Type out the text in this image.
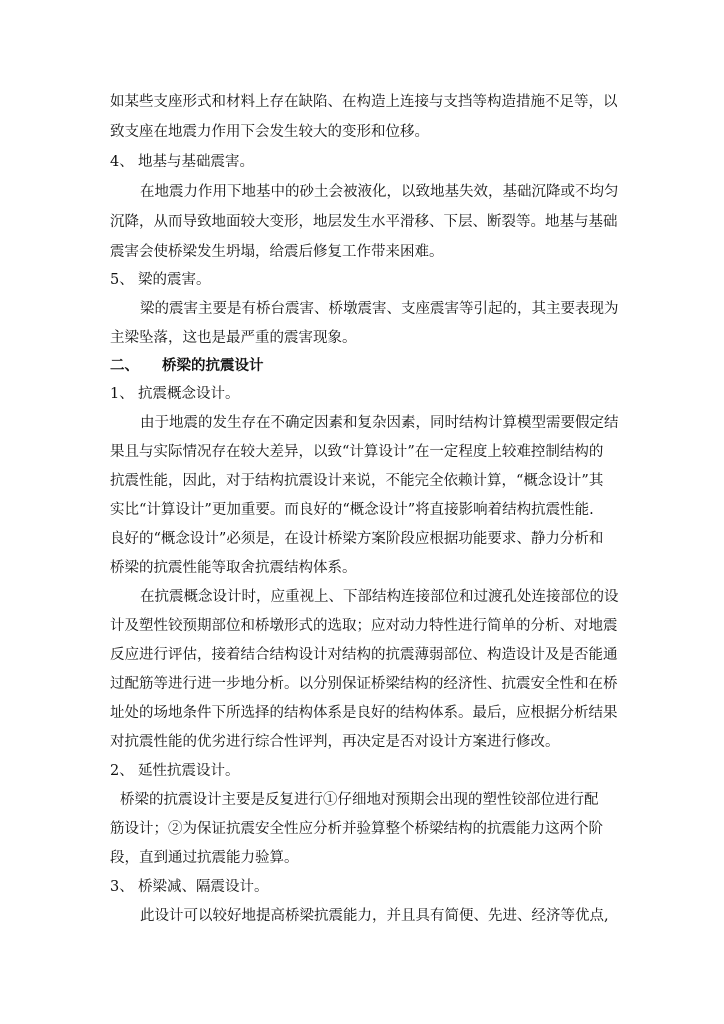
如某些支座形式和材料上存在缺陷、在构造上连接与支挡等构造措施不足等，以
致支座在地震力作用下会发生较大的变形和位移。
4、 地基与基础震害。
在地震力作用下地基中的砂土会被液化，以致地基失效，基础沉降或不均匀
沉降，从而导致地面较大变形，地层发生水平滑移、下层、断裂等。地基与基础
震害会使桥梁发生坍塌，给震后修复工作带来困难。
5、 梁的震害。
梁的震害主要是有桥台震害、桥墩震害、支座震害等引起的，其主要表现为
主梁坠落，这也是最严重的震害现象。
二、 桥梁的抗震设计
1、 抗震概念设计。
由于地震的发生存在不确定因素和复杂因素，同时结构计算模型需要假定结
果且与实际情况存在较大差异，以致“计算设计”在一定程度上较难控制结构的
抗震性能，因此，对于结构抗震设计来说，不能完全依赖计算，“概念设计”其
实比“计算设计”更加重要。而良好的“概念设计”将直接影响着结构抗震性能.
良好的“概念设计”必须是，在设计桥梁方案阶段应根据功能要求、静力分析和
桥梁的抗震性能等取舍抗震结构体系。
在抗震概念设计时，应重视上、下部结构连接部位和过渡孔处连接部位的设
计及塑性铰预期部位和桥墩形式的选取；应对动力特性进行简单的分析、对地震
反应进行评估，接着结合结构设计对结构的抗震薄弱部位、构造设计及是否能通
过配筋等进行进一步地分析。以分别保证桥梁结构的经济性、抗震安全性和在桥
址处的场地条件下所选择的结构体系是良好的结构体系。最后，应根据分析结果
对抗震性能的优劣进行综合性评判，再决定是否对设计方案进行修改。
2、 延性抗震设计。
桥梁的抗震设计主要是反复进行①仔细地对预期会出现的塑性铰部位进行配
筋设计；②为保证抗震安全性应分析并验算整个桥梁结构的抗震能力这两个阶
段，直到通过抗震能力验算。
3、 桥梁减、隔震设计。
此设计可以较好地提高桥梁抗震能力，并且具有简便、先进、经济等优点,
